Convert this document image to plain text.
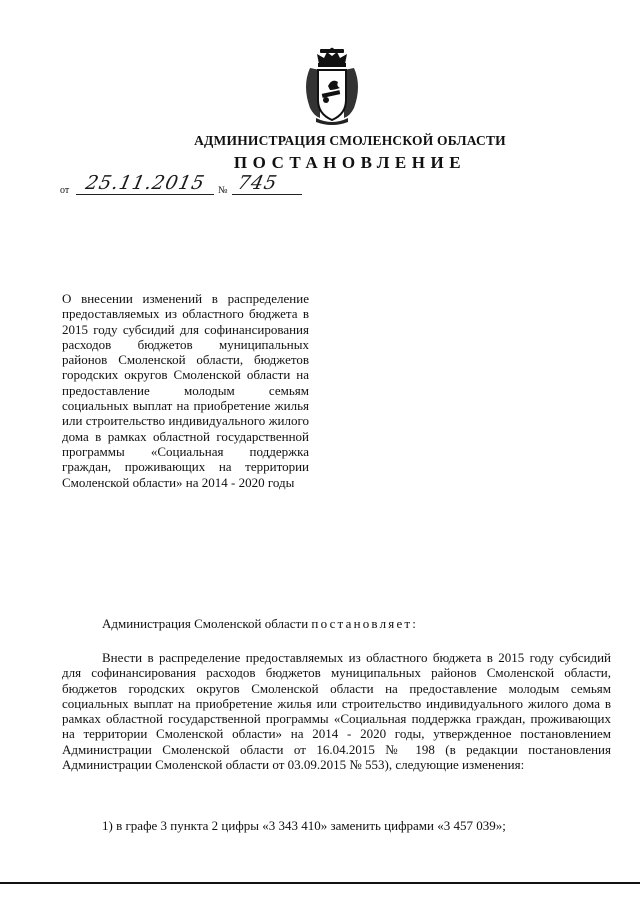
АДМИНИСТРАЦИЯ СМОЛЕНСКОЙ ОБЛАСТИ
ПОСТАНОВЛЕНИЕ
от 25.11.2015 № 745

О внесении изменений в распределение предоставляемых из областного бюджета в 2015 году субсидий для софинансирования расходов бюджетов муниципальных районов Смоленской области, бюджетов городских округов Смоленской области на предоставление молодым семьям социальных выплат на приобретение жилья или строительство индивидуального жилого дома в рамках областной государственной программы «Социальная поддержка граждан, проживающих на территории Смоленской области» на 2014 - 2020 годы

Администрация Смоленской области постановляет:

Внести в распределение предоставляемых из областного бюджета в 2015 году субсидий для софинансирования расходов бюджетов муниципальных районов Смоленской области, бюджетов городских округов Смоленской области на предоставление молодым семьям социальных выплат на приобретение жилья или строительство индивидуального жилого дома в рамках областной государственной программы «Социальная поддержка граждан, проживающих на территории Смоленской области» на 2014 - 2020 годы, утвержденное постановлением Администрации Смоленской области от 16.04.2015 № 198 (в редакции постановления Администрации Смоленской области от 03.09.2015 № 553), следующие изменения:

1) в графе 3 пункта 2 цифры «3 343 410» заменить цифрами «3 457 039»;
